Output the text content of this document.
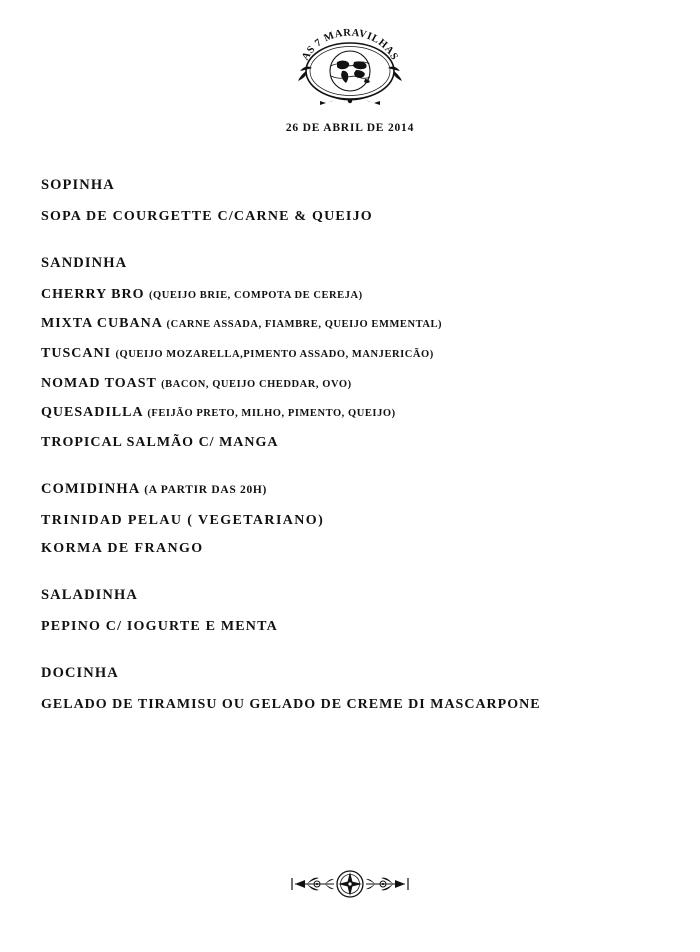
AS 7 MARAVILHAS
26 DE ABRIL DE 2014
SOPINHA
SOPA DE COURGETTE C/CARNE & QUEIJO
SANDINHA
CHERRY BRO (QUEIJO BRIE, COMPOTA DE CEREJA)
MIXTA CUBANA (CARNE ASSADA, FIAMBRE, QUEIJO EMMENTAL)
TUSCANI (QUEIJO MOZARELLA,PIMENTO ASSADO, MANJERICÃO)
NOMAD TOAST (BACON, QUEIJO CHEDDAR, OVO)
QUESADILLA (FEIJÃO PRETO, MILHO, PIMENTO, QUEIJO)
TROPICAL SALMÃO C/ MANGA
COMIDINHA (A PARTIR DAS 20H)
TRINIDAD PELAU ( VEGETARIANO)
KORMA DE FRANGO
SALADINHA
PEPINO C/ IOGURTE E MENTA
DOCINHA
GELADO DE TIRAMISU OU GELADO DE CREME DI MASCARPONE
